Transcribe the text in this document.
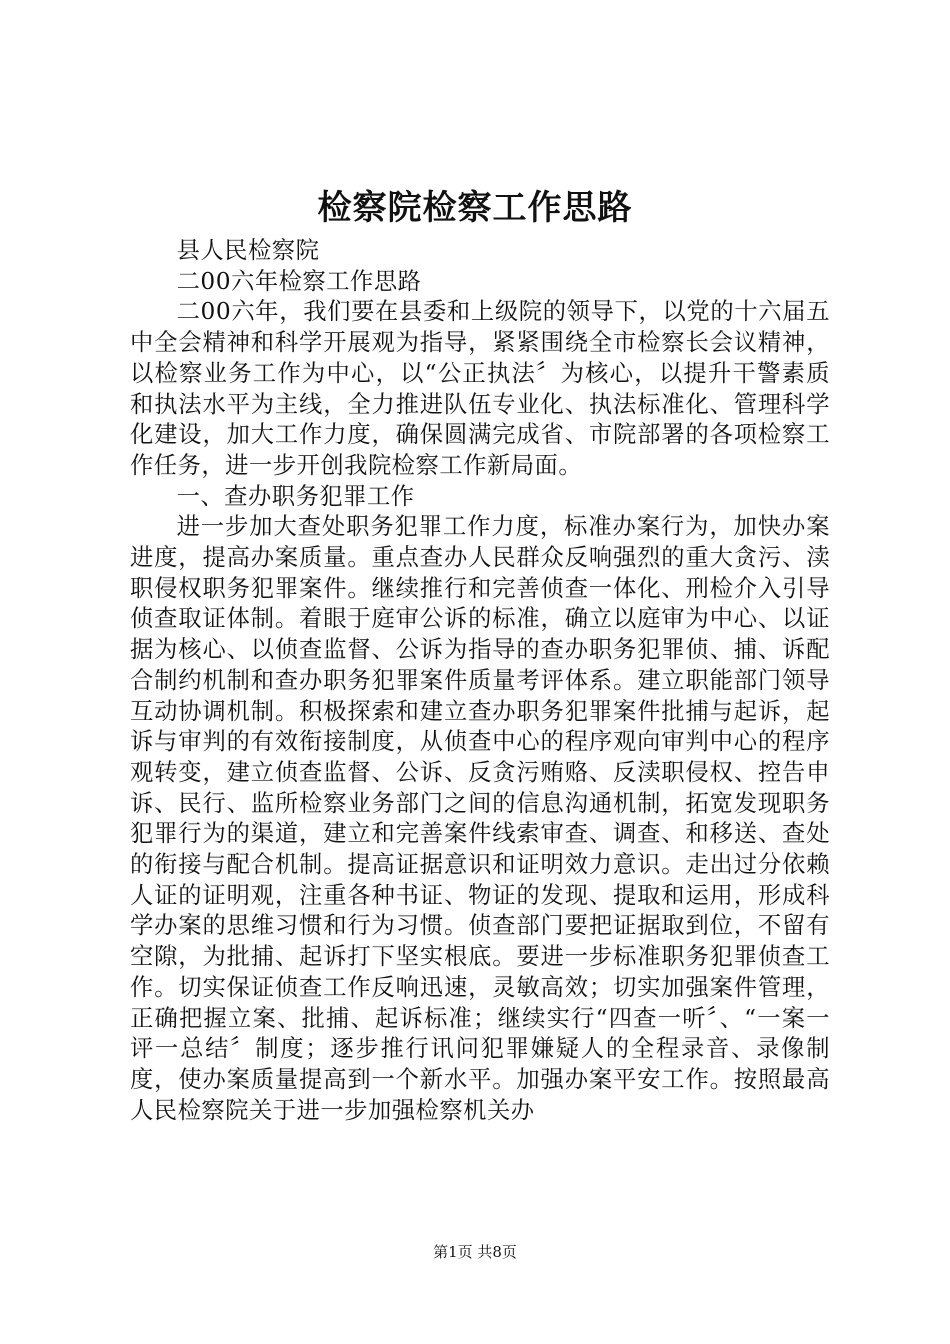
检察院检察工作思路

县人民检察院

二00六年检察工作思路

二00六年，我们要在县委和上级院的领导下，以党的十六届五中全会精神和科学开展观为指导，紧紧围绕全市检察长会议精神，以检察业务工作为中心，以“公正执法〞为核心，以提升干警素质和执法水平为主线，全力推进队伍专业化、执法标准化、管理科学化建设，加大工作力度，确保圆满完成省、市院部署的各项检察工作任务，进一步开创我院检察工作新局面。

一、查办职务犯罪工作

进一步加大查处职务犯罪工作力度，标准办案行为，加快办案进度，提高办案质量。重点查办人民群众反响强烈的重大贪污、渎职侵权职务犯罪案件。继续推行和完善侦查一体化、刑检介入引导侦查取证体制。着眼于庭审公诉的标准，确立以庭审为中心、以证据为核心、以侦查监督、公诉为指导的查办职务犯罪侦、捕、诉配合制约机制和查办职务犯罪案件质量考评体系。建立职能部门领导互动协调机制。积极探索和建立查办职务犯罪案件批捕与起诉，起诉与审判的有效衔接制度，从侦查中心的程序观向审判中心的程序观转变，建立侦查监督、公诉、反贪污贿赂、反渎职侵权、控告申诉、民行、监所检察业务部门之间的信息沟通机制，拓宽发现职务犯罪行为的渠道，建立和完善案件线索审查、调查、和移送、查处的衔接与配合机制。提高证据意识和证明效力意识。走出过分依赖人证的证明观，注重各种书证、物证的发现、提取和运用，形成科学办案的思维习惯和行为习惯。侦查部门要把证据取到位，不留有空隙，为批捕、起诉打下坚实根底。要进一步标准职务犯罪侦查工作。切实保证侦查工作反响迅速，灵敏高效；切实加强案件管理，正确把握立案、批捕、起诉标准；继续实行“四查一听〞、“一案一评一总结〞制度；逐步推行讯问犯罪嫌疑人的全程录音、录像制度，使办案质量提高到一个新水平。加强办案平安工作。按照最高人民检察院关于进一步加强检察机关办

第1页 共8页
